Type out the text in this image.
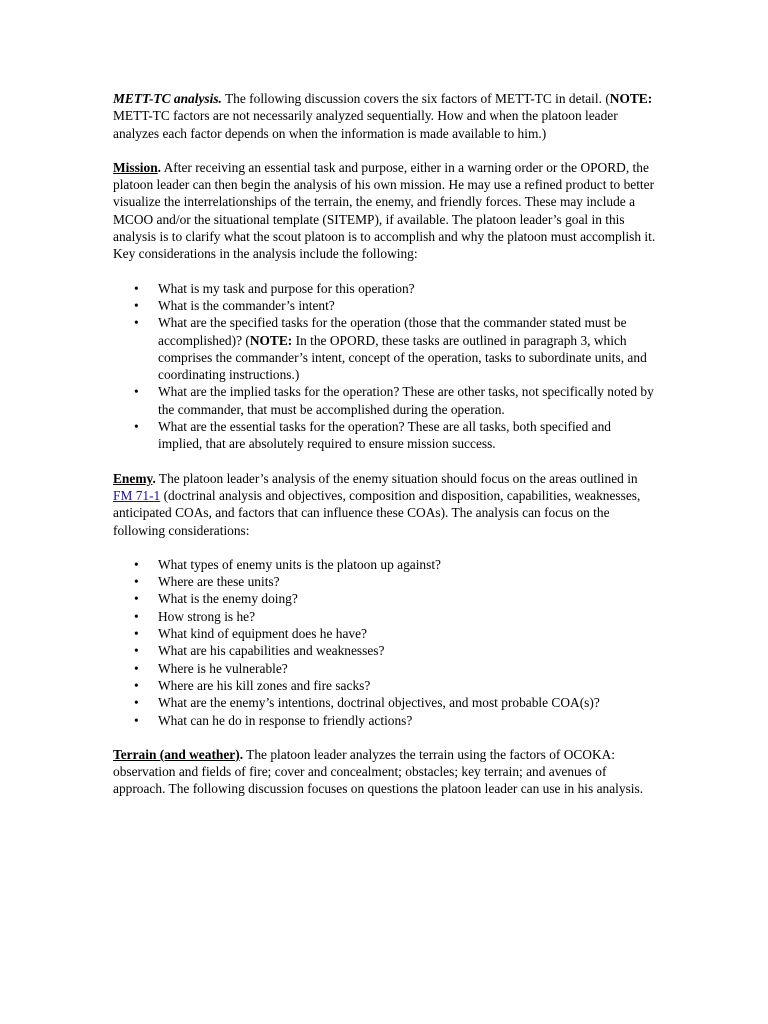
METT-TC analysis. The following discussion covers the six factors of METT-TC in detail. (NOTE: METT-TC factors are not necessarily analyzed sequentially. How and when the platoon leader analyzes each factor depends on when the information is made available to him.)

Mission. After receiving an essential task and purpose, either in a warning order or the OPORD, the platoon leader can then begin the analysis of his own mission. He may use a refined product to better visualize the interrelationships of the terrain, the enemy, and friendly forces. These may include a MCOO and/or the situational template (SITEMP), if available. The platoon leader’s goal in this analysis is to clarify what the scout platoon is to accomplish and why the platoon must accomplish it. Key considerations in the analysis include the following:

• What is my task and purpose for this operation?
• What is the commander’s intent?
• What are the specified tasks for the operation (those that the commander stated must be accomplished)? (NOTE: In the OPORD, these tasks are outlined in paragraph 3, which comprises the commander’s intent, concept of the operation, tasks to subordinate units, and coordinating instructions.)
• What are the implied tasks for the operation? These are other tasks, not specifically noted by the commander, that must be accomplished during the operation.
• What are the essential tasks for the operation? These are all tasks, both specified and implied, that are absolutely required to ensure mission success.

Enemy. The platoon leader’s analysis of the enemy situation should focus on the areas outlined in FM 71-1 (doctrinal analysis and objectives, composition and disposition, capabilities, weaknesses, anticipated COAs, and factors that can influence these COAs). The analysis can focus on the following considerations:

• What types of enemy units is the platoon up against?
• Where are these units?
• What is the enemy doing?
• How strong is he?
• What kind of equipment does he have?
• What are his capabilities and weaknesses?
• Where is he vulnerable?
• Where are his kill zones and fire sacks?
• What are the enemy’s intentions, doctrinal objectives, and most probable COA(s)?
• What can he do in response to friendly actions?

Terrain (and weather). The platoon leader analyzes the terrain using the factors of OCOKA: observation and fields of fire; cover and concealment; obstacles; key terrain; and avenues of approach. The following discussion focuses on questions the platoon leader can use in his analysis.
